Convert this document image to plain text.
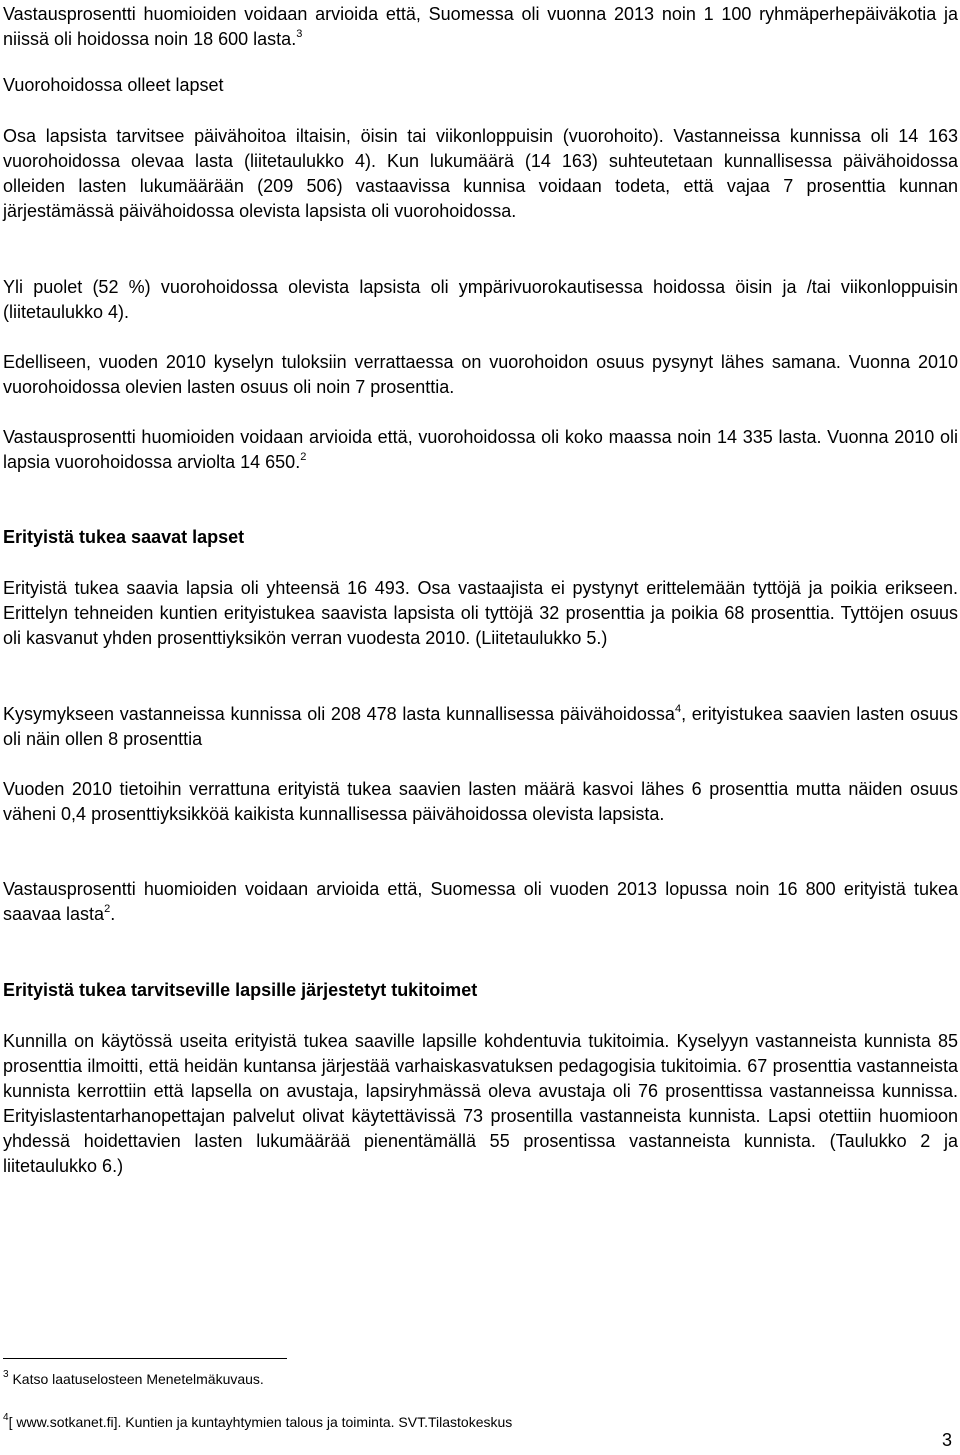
Vastausprosentti huomioiden voidaan arvioida että, Suomessa oli vuonna 2013 noin 1 100 ryhmäperhepäiväkotia ja niissä oli hoidossa noin 18 600 lasta.$^3$

Vuorohoidossa olleet lapset

Osa lapsista tarvitsee päivähoitoa iltaisin, öisin tai viikonloppuisin (vuorohoito). Vastanneissa kunnissa oli 14 163 vuorohoidossa olevaa lasta (liitetaulukko 4). Kun lukumäärä (14 163) suhteutetaan kunnallisessa päivähoidossa olleiden lasten lukumäärään (209 506) vastaavissa kunnisa voidaan todeta, että vajaa 7 prosenttia kunnan järjestämässä päivähoidossa olevista lapsista oli vuorohoidossa.

Yli puolet (52 %) vuorohoidossa olevista lapsista oli ympärivuorokautisessa hoidossa öisin ja /tai viikonloppuisin (liitetaulukko 4).

Edelliseen, vuoden 2010 kyselyn tuloksiin verrattaessa on vuorohoidon osuus pysynyt lähes samana. Vuonna 2010 vuorohoidossa olevien lasten osuus oli noin 7 prosenttia.

Vastausprosentti huomioiden voidaan arvioida että, vuorohoidossa oli koko maassa noin 14 335 lasta. Vuonna 2010 oli lapsia vuorohoidossa arviolta 14 650.$^2$

Erityistä tukea saavat lapset

Erityistä tukea saavia lapsia oli yhteensä 16 493. Osa vastaajista ei pystynyt erittelemään tyttöjä ja poikia erikseen. Erittelyn tehneiden kuntien erityistukea saavista lapsista oli tyttöjä 32 prosenttia ja poikia 68 prosenttia. Tyttöjen osuus oli kasvanut yhden prosenttiyksikön verran vuodesta 2010. (Liitetaulukko 5.)

Kysymykseen vastanneissa kunnissa oli 208 478 lasta kunnallisessa päivähoidossa$^4$, erityistukea saavien lasten osuus oli näin ollen 8 prosenttia

Vuoden 2010 tietoihin verrattuna erityistä tukea saavien lasten määrä kasvoi lähes 6 prosenttia mutta näiden osuus väheni 0,4 prosenttiyksikköä kaikista kunnallisessa päivähoidossa olevista lapsista.

Vastausprosentti huomioiden voidaan arvioida että, Suomessa oli vuoden 2013 lopussa noin 16 800 erityistä tukea saavaa lasta$^2$.

Erityistä tukea tarvitseville lapsille järjestetyt tukitoimet

Kunnilla on käytössä useita erityistä tukea saaville lapsille kohdentuvia tukitoimia. Kyselyyn vastanneista kunnista 85 prosenttia ilmoitti, että heidän kuntansa järjestää varhaiskasvatuksen pedagogisia tukitoimia. 67 prosenttia vastanneista kunnista kerrottiin että lapsella on avustaja, lapsiryhmässä oleva avustaja oli 76 prosenttissa vastanneissa kunnissa. Erityislastentarhanopettajan palvelut olivat käytettävissä 73 prosentilla vastanneista kunnista. Lapsi otettiin huomioon yhdessä hoidettavien lasten lukumäärää pienentämällä 55 prosentissa vastanneista kunnista. (Taulukko 2 ja liitetaulukko 6.)

$^3$ Katso laatuselosteen Menetelmäkuvaus.

$^4$[ www.sotkanet.fi]. Kuntien ja kuntayhtymien talous ja toiminta. SVT.Tilastokeskus

3
